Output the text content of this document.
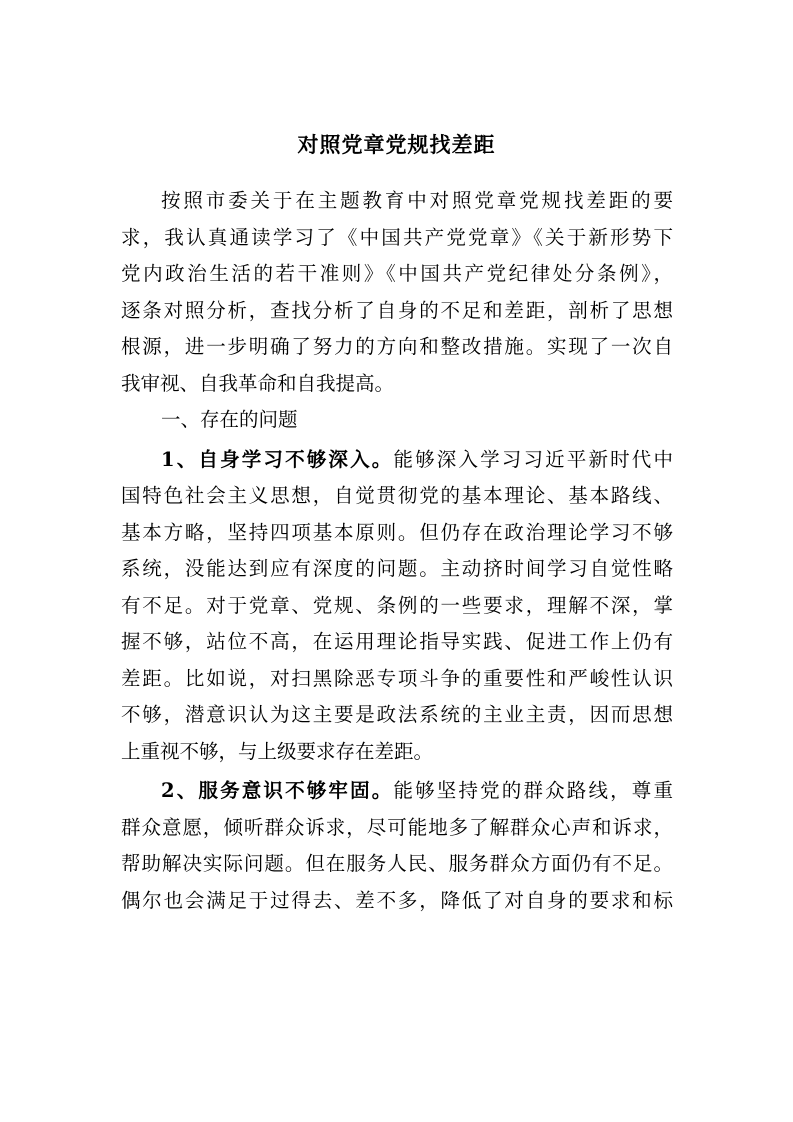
对照党章党规找差距
按照市委关于在主题教育中对照党章党规找差距的要
求，我认真通读学习了《中国共产党党章》《关于新形势下
党内政治生活的若干准则》《中国共产党纪律处分条例》，
逐条对照分析，查找分析了自身的不足和差距，剖析了思想
根源，进一步明确了努力的方向和整改措施。实现了一次自
我审视、自我革命和自我提高。
一、存在的问题
1、自身学习不够深入。能够深入学习习近平新时代中
国特色社会主义思想，自觉贯彻党的基本理论、基本路线、
基本方略，坚持四项基本原则。但仍存在政治理论学习不够
系统，没能达到应有深度的问题。主动挤时间学习自觉性略
有不足。对于党章、党规、条例的一些要求，理解不深，掌
握不够，站位不高，在运用理论指导实践、促进工作上仍有
差距。比如说，对扫黑除恶专项斗争的重要性和严峻性认识
不够，潜意识认为这主要是政法系统的主业主责，因而思想
上重视不够，与上级要求存在差距。
2、服务意识不够牢固。能够坚持党的群众路线，尊重
群众意愿，倾听群众诉求，尽可能地多了解群众心声和诉求，
帮助解决实际问题。但在服务人民、服务群众方面仍有不足。
偶尔也会满足于过得去、差不多，降低了对自身的要求和标
